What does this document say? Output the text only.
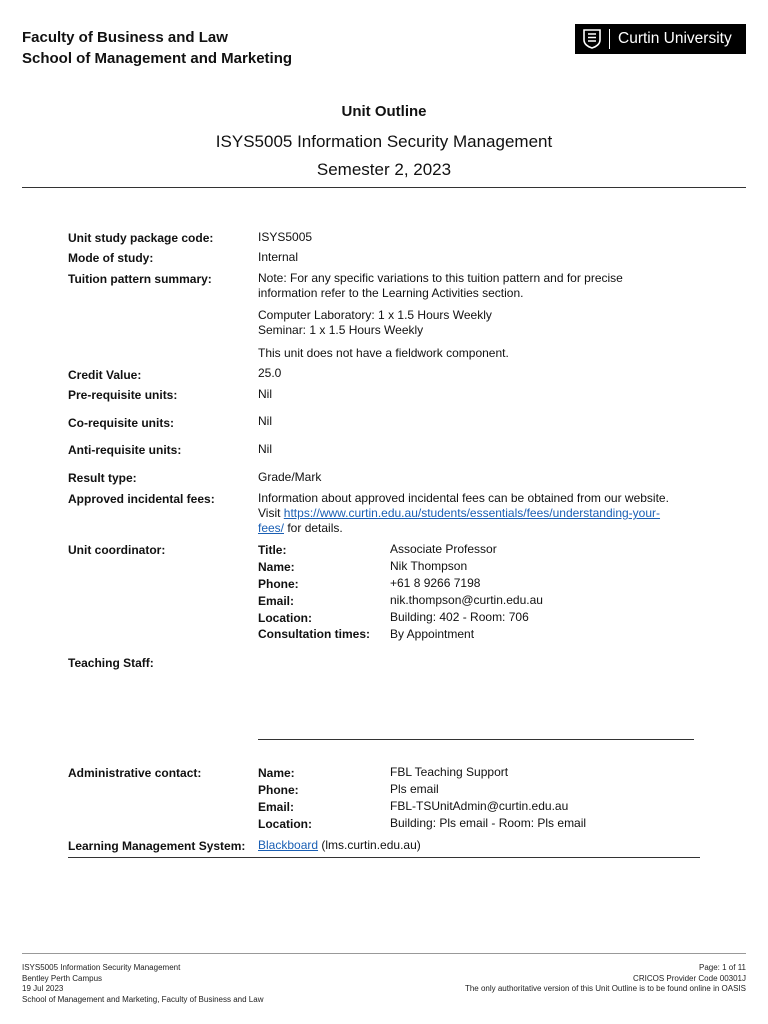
Faculty of Business and Law
School of Management and Marketing
Curtin University
Unit Outline
ISYS5005 Information Security Management
Semester 2, 2023
Unit study package code:	ISYS5005
Mode of study:	Internal
Tuition pattern summary:	Note: For any specific variations to this tuition pattern and for precise
information refer to the Learning Activities section.
Computer Laboratory: 1 x 1.5 Hours Weekly
Seminar: 1 x 1.5 Hours Weekly
This unit does not have a fieldwork component.
Credit Value:	25.0
Pre-requisite units:	Nil
Co-requisite units:	Nil
Anti-requisite units:	Nil
Result type:	Grade/Mark
Approved incidental fees:	Information about approved incidental fees can be obtained from our website.
Visit https://www.curtin.edu.au/students/essentials/fees/understanding-your-
fees/ for details.
Unit coordinator:	Title:	Associate Professor
Name:	Nik Thompson
Phone:	+61 8 9266 7198
Email:	nik.thompson@curtin.edu.au
Location:	Building: 402 - Room: 706
Consultation times: By Appointment
Teaching Staff:
Administrative contact:	Name:	FBL Teaching Support
Phone:	Pls email
Email:	FBL-TSUnitAdmin@curtin.edu.au
Location:	Building: Pls email - Room: Pls email
Learning Management System: Blackboard (lms.curtin.edu.au)
ISYS5005 Information Security Management
Bentley Perth Campus
19 Jul 2023
School of Management and Marketing, Faculty of Business and Law
Page: 1 of 11
CRICOS Provider Code 00301J
The only authoritative version of this Unit Outline is to be found online in OASIS
